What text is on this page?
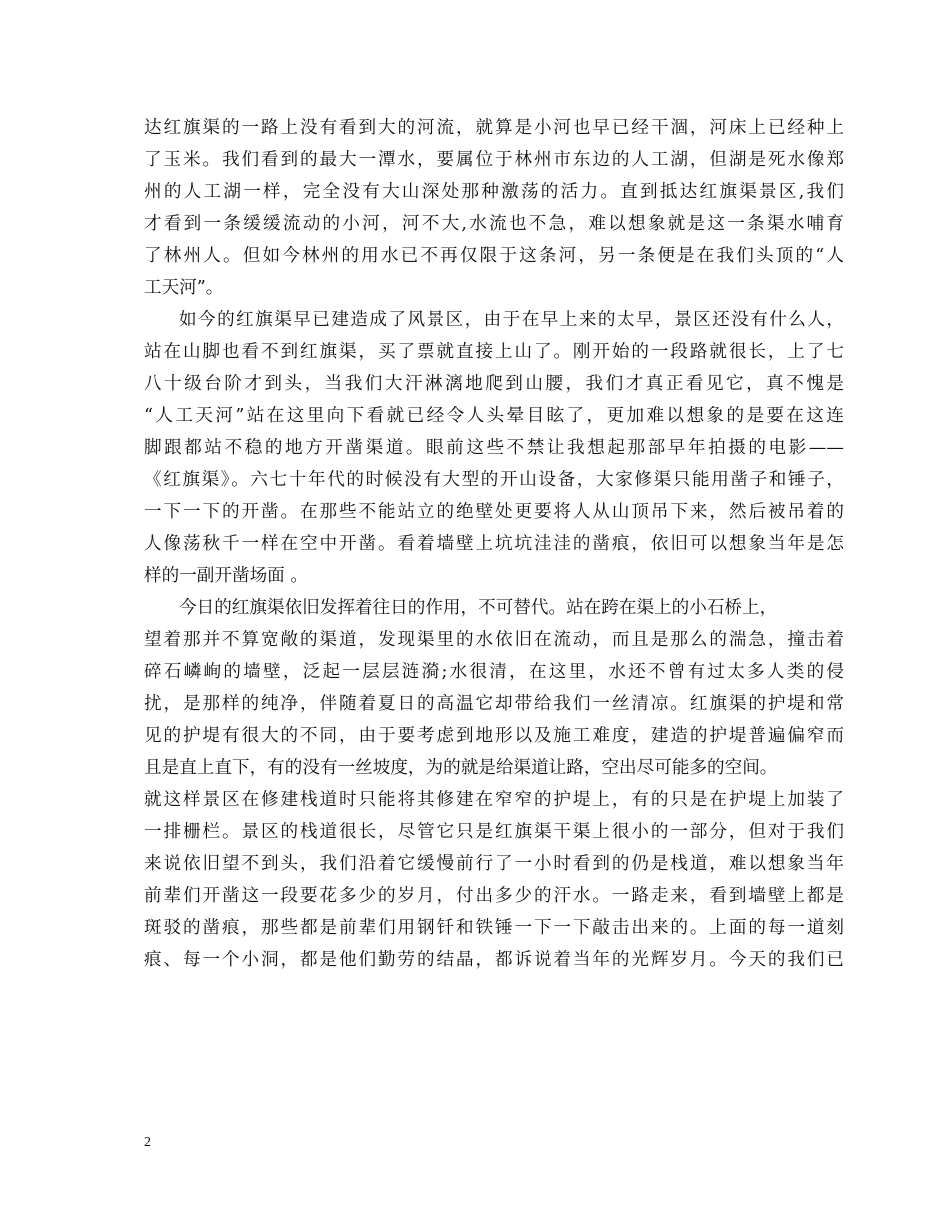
达红旗渠的一路上没有看到大的河流，就算是小河也早已经干涸，河床上已经种上
了玉米。我们看到的最大一潭水，要属位于林州市东边的人工湖，但湖是死水像郑
州的人工湖一样，完全没有大山深处那种激荡的活力。直到抵达红旗渠景区,我们
才看到一条缓缓流动的小河，河不大,水流也不急，难以想象就是这一条渠水哺育
了林州人。但如今林州的用水已不再仅限于这条河，另一条便是在我们头顶的“人
工天河”。
如今的红旗渠早已建造成了风景区，由于在早上来的太早，景区还没有什么人，
站在山脚也看不到红旗渠，买了票就直接上山了。刚开始的一段路就很长，上了七
八十级台阶才到头，当我们大汗淋漓地爬到山腰，我们才真正看见它，真不愧是
“人工天河”站在这里向下看就已经令人头晕目眩了，更加难以想象的是要在这连
脚跟都站不稳的地方开凿渠道。眼前这些不禁让我想起那部早年拍摄的电影——
《红旗渠》。六七十年代的时候没有大型的开山设备，大家修渠只能用凿子和锤子，
一下一下的开凿。在那些不能站立的绝壁处更要将人从山顶吊下来，然后被吊着的
人像荡秋千一样在空中开凿。看着墙壁上坑坑洼洼的凿痕，依旧可以想象当年是怎
样的一副开凿场面 。
今日的红旗渠依旧发挥着往日的作用，不可替代。站在跨在渠上的小石桥上，
望着那并不算宽敞的渠道，发现渠里的水依旧在流动，而且是那么的湍急，撞击着
碎石嶙峋的墙壁，泛起一层层涟漪;水很清，在这里，水还不曾有过太多人类的侵
扰，是那样的纯净，伴随着夏日的高温它却带给我们一丝清凉。红旗渠的护堤和常
见的护堤有很大的不同，由于要考虑到地形以及施工难度，建造的护堤普遍偏窄而
且是直上直下，有的没有一丝坡度，为的就是给渠道让路，空出尽可能多的空间。
就这样景区在修建栈道时只能将其修建在窄窄的护堤上，有的只是在护堤上加装了
一排栅栏。景区的栈道很长，尽管它只是红旗渠干渠上很小的一部分，但对于我们
来说依旧望不到头，我们沿着它缓慢前行了一小时看到的仍是栈道，难以想象当年
前辈们开凿这一段要花多少的岁月，付出多少的汗水。一路走来，看到墙壁上都是
斑驳的凿痕，那些都是前辈们用钢钎和铁锤一下一下敲击出来的。上面的每一道刻
痕、每一个小洞，都是他们勤劳的结晶，都诉说着当年的光辉岁月。今天的我们已
2
